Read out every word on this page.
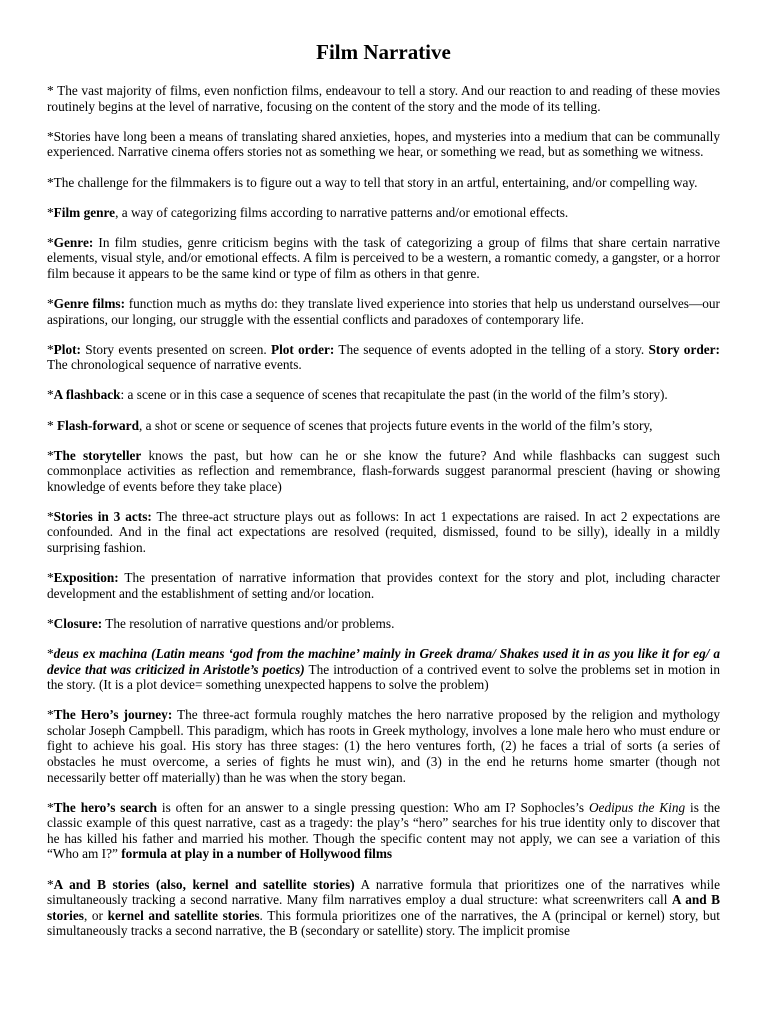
Film Narrative

* The vast majority of films, even nonfiction films, endeavour to tell a story. And our reaction to and reading of these movies routinely begins at the level of narrative, focusing on the content of the story and the mode of its telling.

*Stories have long been a means of translating shared anxieties, hopes, and mysteries into a medium that can be communally experienced. Narrative cinema offers stories not as something we hear, or something we read, but as something we witness.

*The challenge for the filmmakers is to figure out a way to tell that story in an artful, entertaining, and/or compelling way.

*Film genre, a way of categorizing films according to narrative patterns and/or emotional effects.

*Genre: In film studies, genre criticism begins with the task of categorizing a group of films that share certain narrative elements, visual style, and/or emotional effects. A film is perceived to be a western, a romantic comedy, a gangster, or a horror film because it appears to be the same kind or type of film as others in that genre.

*Genre films: function much as myths do: they translate lived experience into stories that help us understand ourselves—our aspirations, our longing, our struggle with the essential conflicts and paradoxes of contemporary life.

*Plot: Story events presented on screen. Plot order: The sequence of events adopted in the telling of a story. Story order: The chronological sequence of narrative events.

*A flashback: a scene or in this case a sequence of scenes that recapitulate the past (in the world of the film’s story).

* Flash-forward, a shot or scene or sequence of scenes that projects future events in the world of the film’s story,

*The storyteller knows the past, but how can he or she know the future? And while flashbacks can suggest such commonplace activities as reflection and remembrance, flash-forwards suggest paranormal prescient (having or showing knowledge of events before they take place)

*Stories in 3 acts: The three-act structure plays out as follows: In act 1 expectations are raised. In act 2 expectations are confounded. And in the final act expectations are resolved (requited, dismissed, found to be silly), ideally in a mildly surprising fashion.

*Exposition: The presentation of narrative information that provides context for the story and plot, including character development and the establishment of setting and/or location.

*Closure: The resolution of narrative questions and/or problems.

*deus ex machina (Latin means ‘god from the machine’ mainly in Greek drama/ Shakes used it in as you like it for eg/ a device that was criticized in Aristotle’s poetics) The introduction of a contrived event to solve the problems set in motion in the story. (It is a plot device= something unexpected happens to solve the problem)

*The Hero’s journey: The three-act formula roughly matches the hero narrative proposed by the religion and mythology scholar Joseph Campbell. This paradigm, which has roots in Greek mythology, involves a lone male hero who must endure or fight to achieve his goal. His story has three stages: (1) the hero ventures forth, (2) he faces a trial of sorts (a series of obstacles he must overcome, a series of fights he must win), and (3) in the end he returns home smarter (though not necessarily better off materially) than he was when the story began.

*The hero’s search is often for an answer to a single pressing question: Who am I? Sophocles’s Oedipus the King is the classic example of this quest narrative, cast as a tragedy: the play’s “hero” searches for his true identity only to discover that he has killed his father and married his mother. Though the specific content may not apply, we can see a variation of this “Who am I?” formula at play in a number of Hollywood films

*A and B stories (also, kernel and satellite stories) A narrative formula that prioritizes one of the narratives while simultaneously tracking a second narrative. Many film narratives employ a dual structure: what screenwriters call A and B stories, or kernel and satellite stories. This formula prioritizes one of the narratives, the A (principal or kernel) story, but simultaneously tracks a second narrative, the B (secondary or satellite) story. The implicit promise
